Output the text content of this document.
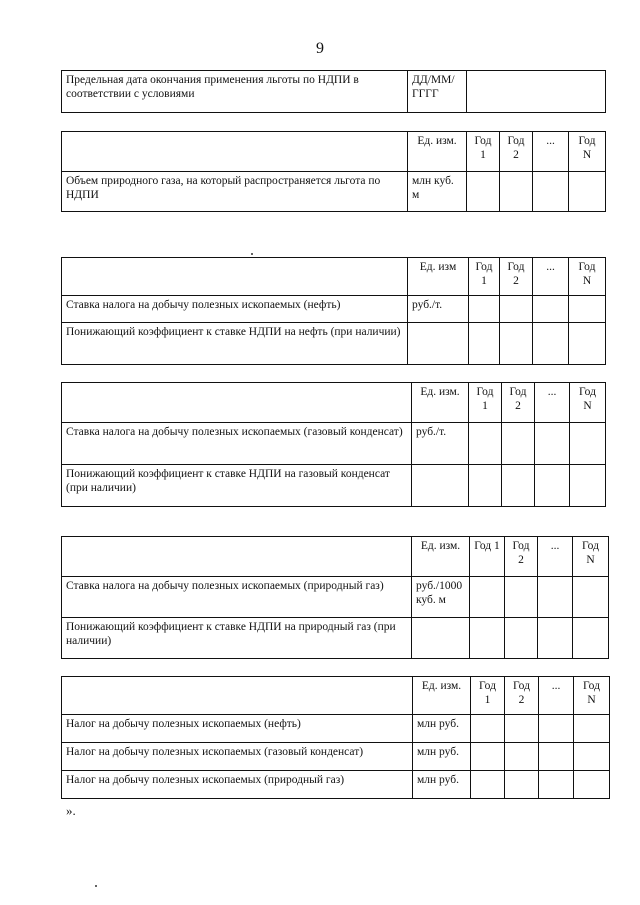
9
Предельная дата окончания применения льготы по НДПИ в соответствии с условиями	ДД/ММ/ГГГГ	
	Ед. изм.	Год 1	Год 2	...	Год N
Объем природного газа, на который распространяется льгота по НДПИ	млн куб. м				
	Ед. изм	Год 1	Год 2	...	Год N
Ставка налога на добычу полезных ископаемых (нефть)	руб./т.				
Понижающий коэффициент к ставке НДПИ на нефть (при наличии)					
	Ед. изм.	Год 1	Год 2	...	Год N
Ставка налога на добычу полезных ископаемых (газовый конденсат)	руб./т.				
Понижающий коэффициент к ставке НДПИ на газовый конденсат (при наличии)					
	Ед. изм.	Год 1	Год 2	...	Год N
Ставка налога на добычу полезных ископаемых (природный газ)	руб./1000 куб. м				
Понижающий коэффициент к ставке НДПИ на природный газ (при наличии)					
	Ед. изм.	Год 1	Год 2	...	Год N
Налог на добычу полезных ископаемых (нефть)	млн руб.				
Налог на добычу полезных ископаемых (газовый конденсат)	млн руб.				
Налог на добычу полезных ископаемых (природный газ)	млн руб.				
».
